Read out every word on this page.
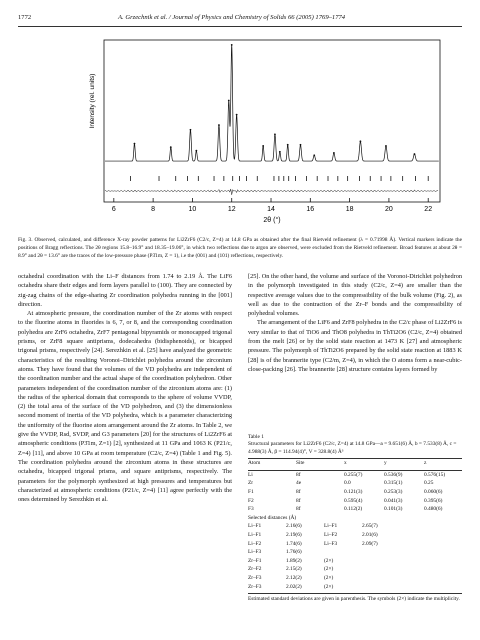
1772	A. Grzechnik et al. / Journal of Physics and Chemistry of Solids 66 (2005) 1769–1774
6	8	10	12	14	16	18	20	22
2θ (°)
Intensity (rel. units)
Fig. 3. Observed, calculated, and difference X-ray powder patterns for Li2ZrF6 (C2/c, Z=4) at 14.8 GPa as obtained after the final Rietveld refinement (λ = 0.71998 Å). Vertical markers indicate the positions of Bragg reflections. The 2θ regions 15.8–16.9° and 18.35–19.06°, in which two reflections due to argon are observed, were excluded from the Rietveld refinement. Broad features at about 2θ = 8.9° and 2θ = 13.6° are the traces of the low-pressure phase (P3̄1m, Z = 1), i.e the (001) and (101) reflections, respectively.

octahedral coordination with the Li–F distances from 1.74 to 2.19 Å. The LiF6 octahedra share their edges and form layers parallel to (100). They are connected by zig-zag chains of the edge-sharing Zr coordination polyhedra running in the [001] direction.

At atmospheric pressure, the coordination number of the Zr atoms with respect to the fluorine atoms in fluorides is 6, 7, or 8, and the corresponding coordination polyhedra are ZrF6 octahedra, ZrF7 pentagonal bipyramids or monocapped trigonal prisms, or ZrF8 square antiprisms, dodecahedra (bidisphenoids), or bicapped trigonal prisms, respectively [24]. Serezhkin et al. [25] have analyzed the geometric characteristics of the resulting Voronoi–Dirichlet polyhedra around the zirconium atoms. They have found that the volumes of the VD polyhedra are independent of the coordination number and the actual shape of the coordination polyhedron. Other parameters independent of the coordination number of the zirconium atoms are: (1) the radius of the spherical domain that corresponds to the sphere of volume VVDP, (2) the total area of the surface of the VD polyhedron, and (3) the dimensionless second moment of inertia of the VD polyhedra, which is a parameter characterizing the uniformity of the fluorine atom arrangement around the Zr atoms. In Table 2, we give the VVDP, Rsd, SVDP, and G3 parameters [20] for the structures of Li2ZrF6 at atmospheric conditions (P3̄1m, Z=1) [2], synthesized at 11 GPa and 1063 K (P21/c, Z=4) [11], and above 10 GPa at room temperature (C2/c, Z=4) (Table 1 and Fig. 5). The coordination polyhedra around the zirconium atoms in these structures are octahedra, bicapped trigonal prisms, and square antiprisms, respectively. The parameters for the polymorph synthesized at high pressures and temperatures but characterized at atmospheric conditions (P21/c, Z=4) [11] agree perfectly with the ones determined by Serezhkin et al.

[25]. On the other hand, the volume and surface of the Voronoi-Dirichlet polyhedron in the polymorph investigated in this study (C2/c, Z=4) are smaller than the respective average values due to the compressibility of the bulk volume (Fig. 2), as well as due to the contraction of the Zr–F bonds and the compressibility of polyhedral volumes.

The arrangement of the LiF6 and ZrF8 polyhedra in the C2/c phase of Li2ZrF6 is very similar to that of TiO6 and ThO8 polyhedra in ThTi2O6 (C2/c, Z=4) obtained from the melt [26] or by the solid state reaction at 1473 K [27] and atmospheric pressure. The polymorph of ThTi2O6 prepared by the solid state reaction at 1883 K [28] is of the brannerite type (C2/m, Z=4), in which the O atoms form a near-cubic-close-packing [26]. The brannerite [28] structure contains layers formed by

Table 1
Structural parameters for Li2ZrF6 (C2/c, Z=4) at 14.8 GPa—a = 9.651(6) Å, b = 7.533(8) Å, c = 4.988(3) Å, β = 114.94(4)°, V = 328.8(4) Å³
Atom	Site	x	y	z
Li	8f	0.255(7)	0.536(9)	0.576(15)
Zr	4e	0.0	0.315(1)	0.25
F1	8f	0.121(3)	0.253(3)	0.060(6)
F2	8f	0.595(4)	0.041(3)	0.395(6)
F3	8f	0.112(2)	0.101(3)	0.480(6)
Selected distances (Å)
Li–F1	2.16(6)	Li–F1	2.65(7)
Li–F1	2.19(6)	Li–F2	2.01(6)
Li–F2	1.74(6)	Li–F3	2.09(7)
Li–F3	1.76(6)
Zr–F1	1.89(2)	(2×)
Zr–F2	2.15(2)	(2×)
Zr–F3	2.12(2)	(2×)
Zr–F3	2.02(2)	(2×)
Estimated standard deviations are given in parenthesis. The symbols (2×) indicate the multiplicity.
